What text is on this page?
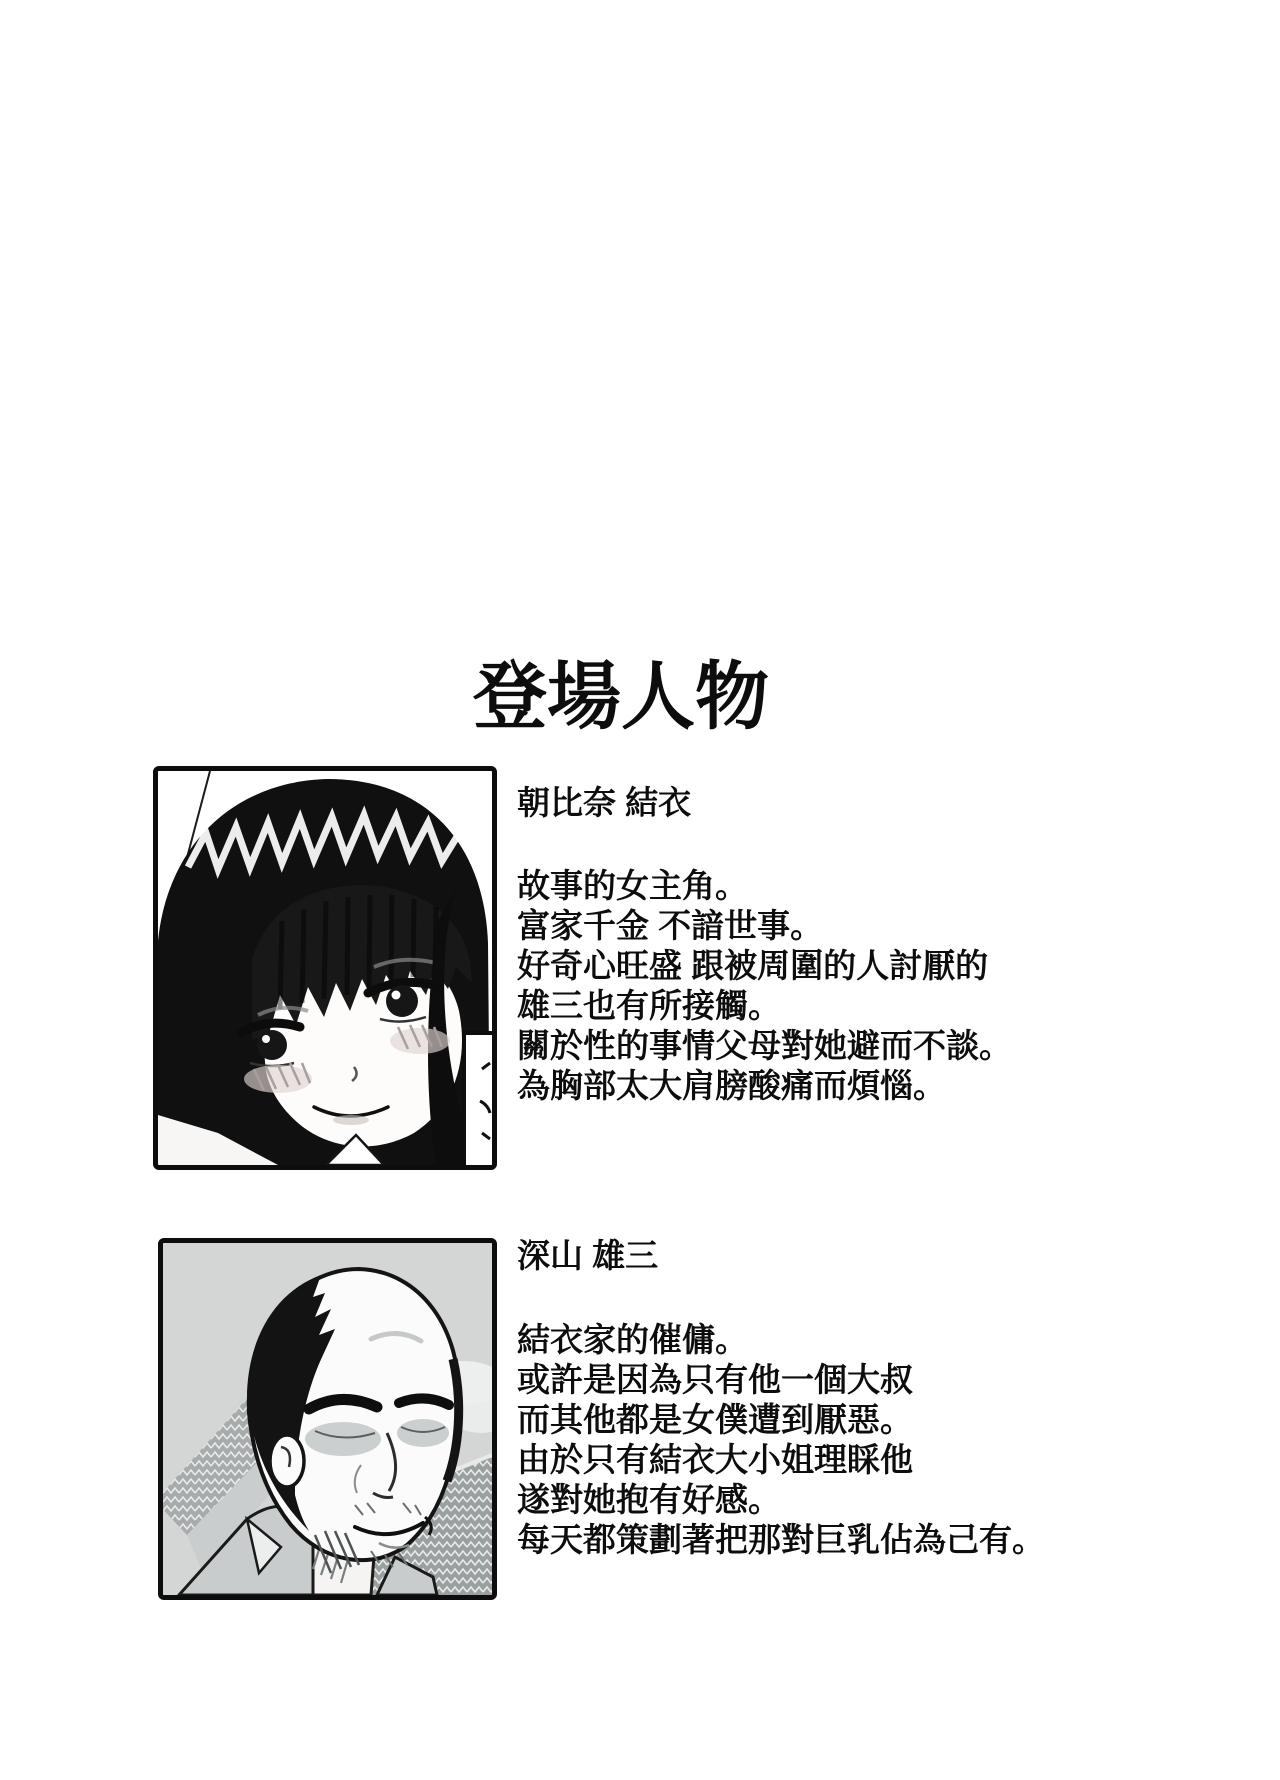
登場人物
朝比奈 結衣
故事的女主角。
富家千金 不諳世事。
好奇心旺盛 跟被周圍的人討厭的
雄三也有所接觸。
關於性的事情父母對她避而不談。
為胸部太大肩膀酸痛而煩惱。
深山 雄三
結衣家的催傭。
或許是因為只有他一個大叔
而其他都是女僕遭到厭惡。
由於只有結衣大小姐理睬他
遂對她抱有好感。
每天都策劃著把那對巨乳佔為己有。
